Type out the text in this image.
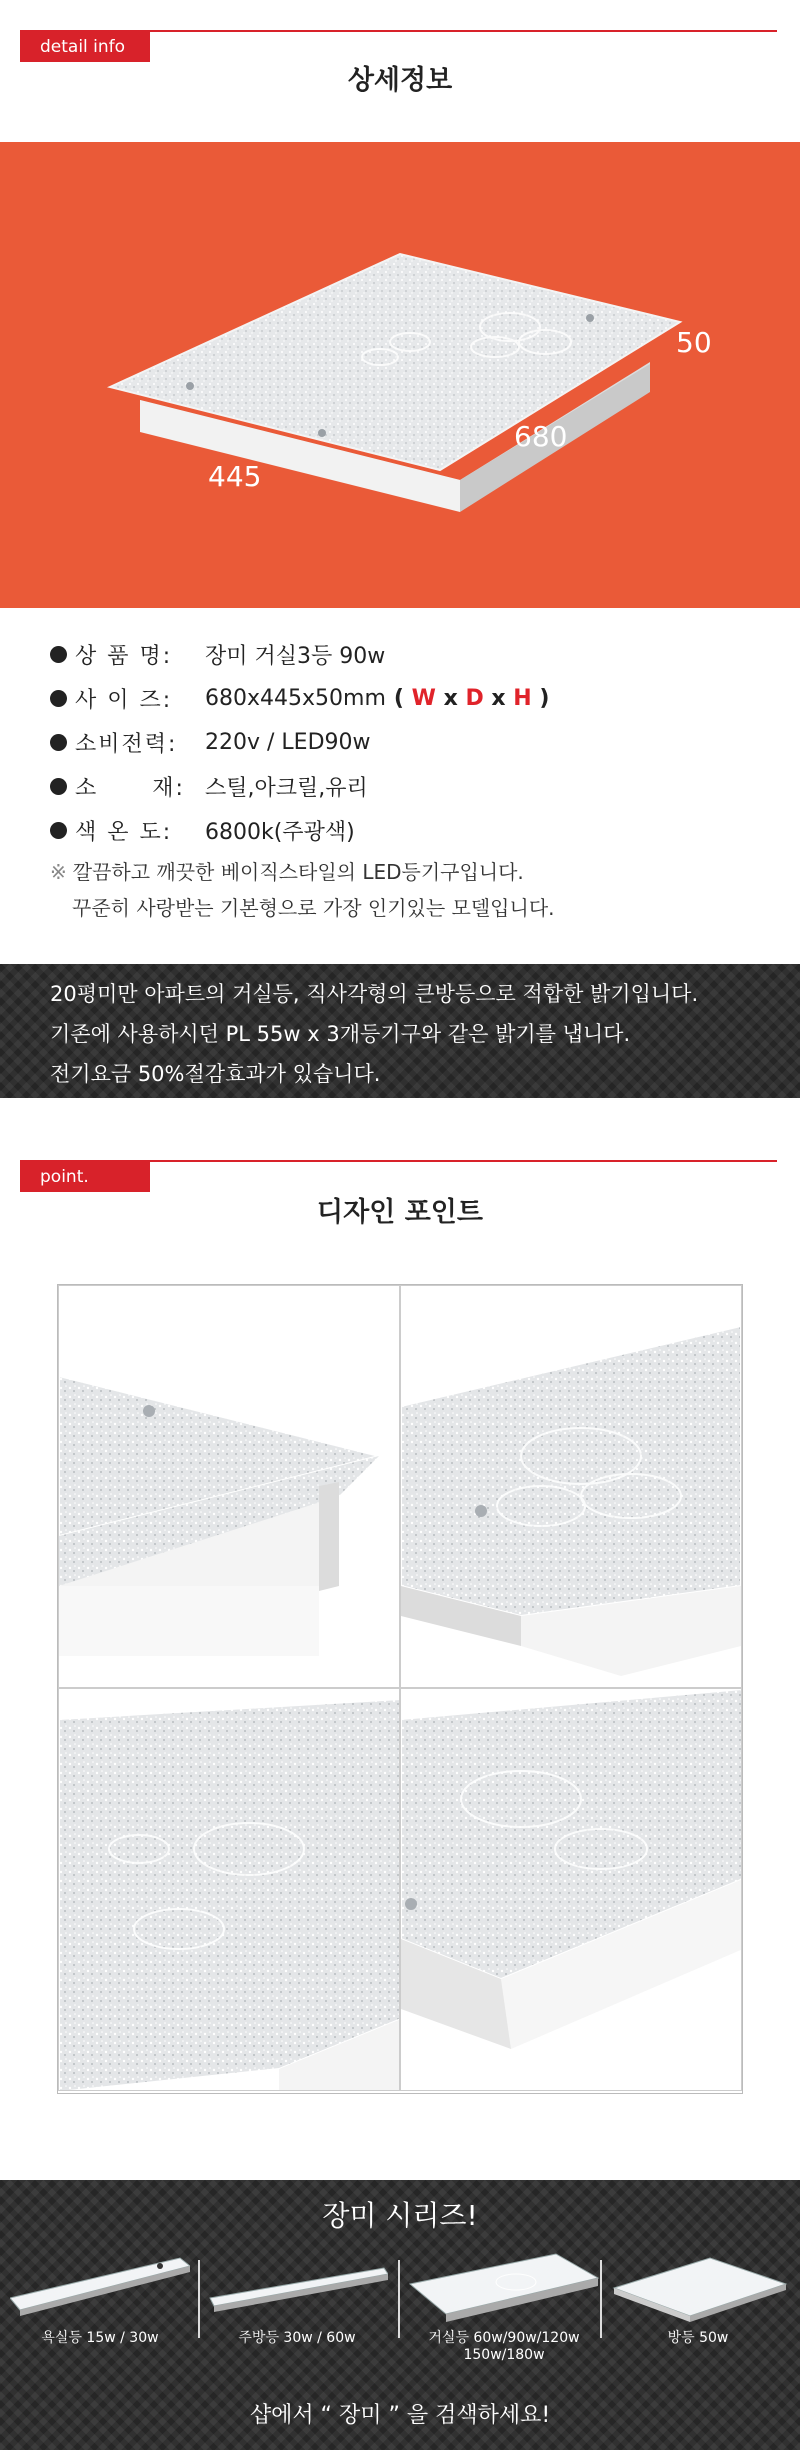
detail info
상세정보
50
680
445
상 품 명:	장미 거실3등 90w
사 이 즈:	680x445x50mm ( W x D x H )
소비전력:	220v / LED90w
소      재: 스틸,아크릴,유리
색 온 도:	6800k(주광색)
※ 깔끔하고 깨끗한 베이직스타일의 LED등기구입니다.
꾸준히 사랑받는 기본형으로 가장 인기있는 모델입니다.
20평미만 아파트의 거실등, 직사각형의 큰방등으로 적합한 밝기입니다.
기존에 사용하시던 PL 55w x 3개등기구와 같은 밝기를 냅니다.
전기요금 50%절감효과가 있습니다.
point.
디자인 포인트
장미 시리즈!
욕실등 15w / 30w	주방등 30w / 60w	거실등 60w/90w/120w
150w/180w
방등 50w
샵에서 “ 장미 ” 을 검색하세요!
